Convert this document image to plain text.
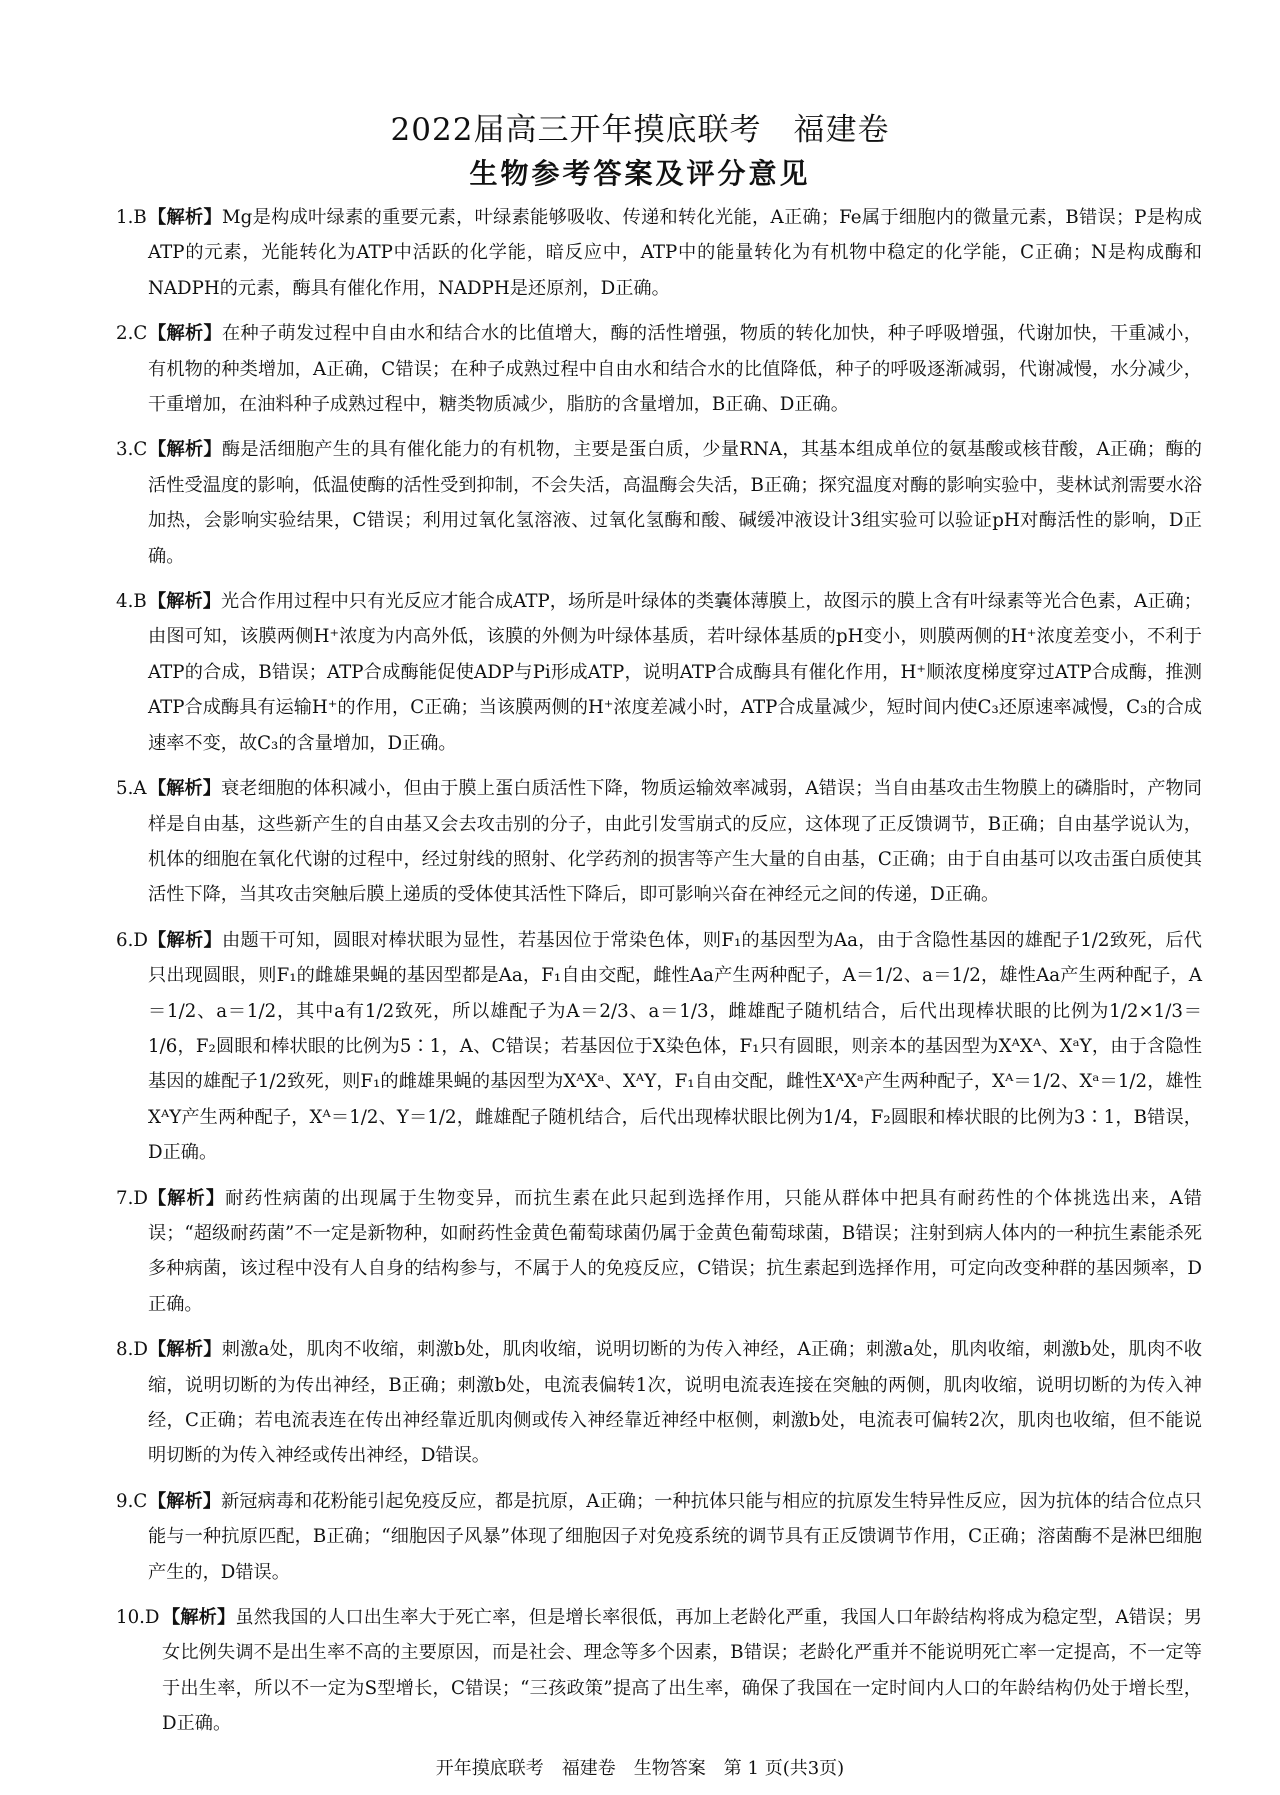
2022届高三开年摸底联考　福建卷
生物参考答案及评分意见
1.B 【解析】Mg是构成叶绿素的重要元素，叶绿素能够吸收、传递和转化光能，A正确；Fe属于细胞内的微量元素，B错误；P是构成ATP的元素，光能转化为ATP中活跃的化学能，暗反应中，ATP中的能量转化为有机物中稳定的化学能，C正确；N是构成酶和NADPH的元素，酶具有催化作用，NADPH是还原剂，D正确。
2.C 【解析】在种子萌发过程中自由水和结合水的比值增大，酶的活性增强，物质的转化加快，种子呼吸增强，代谢加快，干重减小，有机物的种类增加，A正确，C错误；在种子成熟过程中自由水和结合水的比值降低，种子的呼吸逐渐减弱，代谢减慢，水分减少，干重增加，在油料种子成熟过程中，糖类物质减少，脂肪的含量增加，B正确、D正确。
3.C 【解析】酶是活细胞产生的具有催化能力的有机物，主要是蛋白质，少量RNA，其基本组成单位的氨基酸或核苷酸，A正确；酶的活性受温度的影响，低温使酶的活性受到抑制，不会失活，高温酶会失活，B正确；探究温度对酶的影响实验中，斐林试剂需要水浴加热，会影响实验结果，C错误；利用过氧化氢溶液、过氧化氢酶和酸、碱缓冲液设计3组实验可以验证pH对酶活性的影响，D正确。
4.B 【解析】光合作用过程中只有光反应才能合成ATP，场所是叶绿体的类囊体薄膜上，故图示的膜上含有叶绿素等光合色素，A正确；由图可知，该膜两侧H⁺浓度为内高外低，该膜的外侧为叶绿体基质，若叶绿体基质的pH变小，则膜两侧的H⁺浓度差变小，不利于ATP的合成，B错误；ATP合成酶能促使ADP与Pi形成ATP，说明ATP合成酶具有催化作用，H⁺顺浓度梯度穿过ATP合成酶，推测ATP合成酶具有运输H⁺的作用，C正确；当该膜两侧的H⁺浓度差减小时，ATP合成量减少，短时间内使C₃还原速率减慢，C₃的合成速率不变，故C₃的含量增加，D正确。
5.A 【解析】衰老细胞的体积减小，但由于膜上蛋白质活性下降，物质运输效率减弱，A错误；当自由基攻击生物膜上的磷脂时，产物同样是自由基，这些新产生的自由基又会去攻击别的分子，由此引发雪崩式的反应，这体现了正反馈调节，B正确；自由基学说认为，机体的细胞在氧化代谢的过程中，经过射线的照射、化学药剂的损害等产生大量的自由基，C正确；由于自由基可以攻击蛋白质使其活性下降，当其攻击突触后膜上递质的受体使其活性下降后，即可影响兴奋在神经元之间的传递，D正确。
6.D 【解析】由题干可知，圆眼对棒状眼为显性，若基因位于常染色体，则F₁的基因型为Aa，由于含隐性基因的雄配子1/2致死，后代只出现圆眼，则F₁的雌雄果蝇的基因型都是Aa，F₁自由交配，雌性Aa产生两种配子，A＝1/2、a＝1/2，雄性Aa产生两种配子，A＝1/2、a＝1/2，其中a有1/2致死，所以雄配子为A＝2/3、a＝1/3，雌雄配子随机结合，后代出现棒状眼的比例为1/2×1/3＝1/6，F₂圆眼和棒状眼的比例为5∶1，A、C错误；若基因位于X染色体，F₁只有圆眼，则亲本的基因型为XᴬXᴬ、XᵃY，由于含隐性基因的雄配子1/2致死，则F₁的雌雄果蝇的基因型为XᴬXᵃ、XᴬY，F₁自由交配，雌性XᴬXᵃ产生两种配子，Xᴬ＝1/2、Xᵃ＝1/2，雄性XᴬY产生两种配子，Xᴬ＝1/2、Y＝1/2，雌雄配子随机结合，后代出现棒状眼比例为1/4，F₂圆眼和棒状眼的比例为3∶1，B错误，D正确。
7.D 【解析】耐药性病菌的出现属于生物变异，而抗生素在此只起到选择作用，只能从群体中把具有耐药性的个体挑选出来，A错误；“超级耐药菌”不一定是新物种，如耐药性金黄色葡萄球菌仍属于金黄色葡萄球菌，B错误；注射到病人体内的一种抗生素能杀死多种病菌，该过程中没有人自身的结构参与，不属于人的免疫反应，C错误；抗生素起到选择作用，可定向改变种群的基因频率，D正确。
8.D 【解析】刺激a处，肌肉不收缩，刺激b处，肌肉收缩，说明切断的为传入神经，A正确；刺激a处，肌肉收缩，刺激b处，肌肉不收缩，说明切断的为传出神经，B正确；刺激b处，电流表偏转1次，说明电流表连接在突触的两侧，肌肉收缩，说明切断的为传入神经，C正确；若电流表连在传出神经靠近肌肉侧或传入神经靠近神经中枢侧，刺激b处，电流表可偏转2次，肌肉也收缩，但不能说明切断的为传入神经或传出神经，D错误。
9.C 【解析】新冠病毒和花粉能引起免疫反应，都是抗原，A正确；一种抗体只能与相应的抗原发生特异性反应，因为抗体的结合位点只能与一种抗原匹配，B正确；“细胞因子风暴”体现了细胞因子对免疫系统的调节具有正反馈调节作用，C正确；溶菌酶不是淋巴细胞产生的，D错误。
10.D 【解析】虽然我国的人口出生率大于死亡率，但是增长率很低，再加上老龄化严重，我国人口年龄结构将成为稳定型，A错误；男女比例失调不是出生率不高的主要原因，而是社会、理念等多个因素，B错误；老龄化严重并不能说明死亡率一定提高，不一定等于出生率，所以不一定为S型增长，C错误；“三孩政策”提高了出生率，确保了我国在一定时间内人口的年龄结构仍处于增长型，D正确。
开年摸底联考　福建卷　生物答案　第 1 页(共3页)
